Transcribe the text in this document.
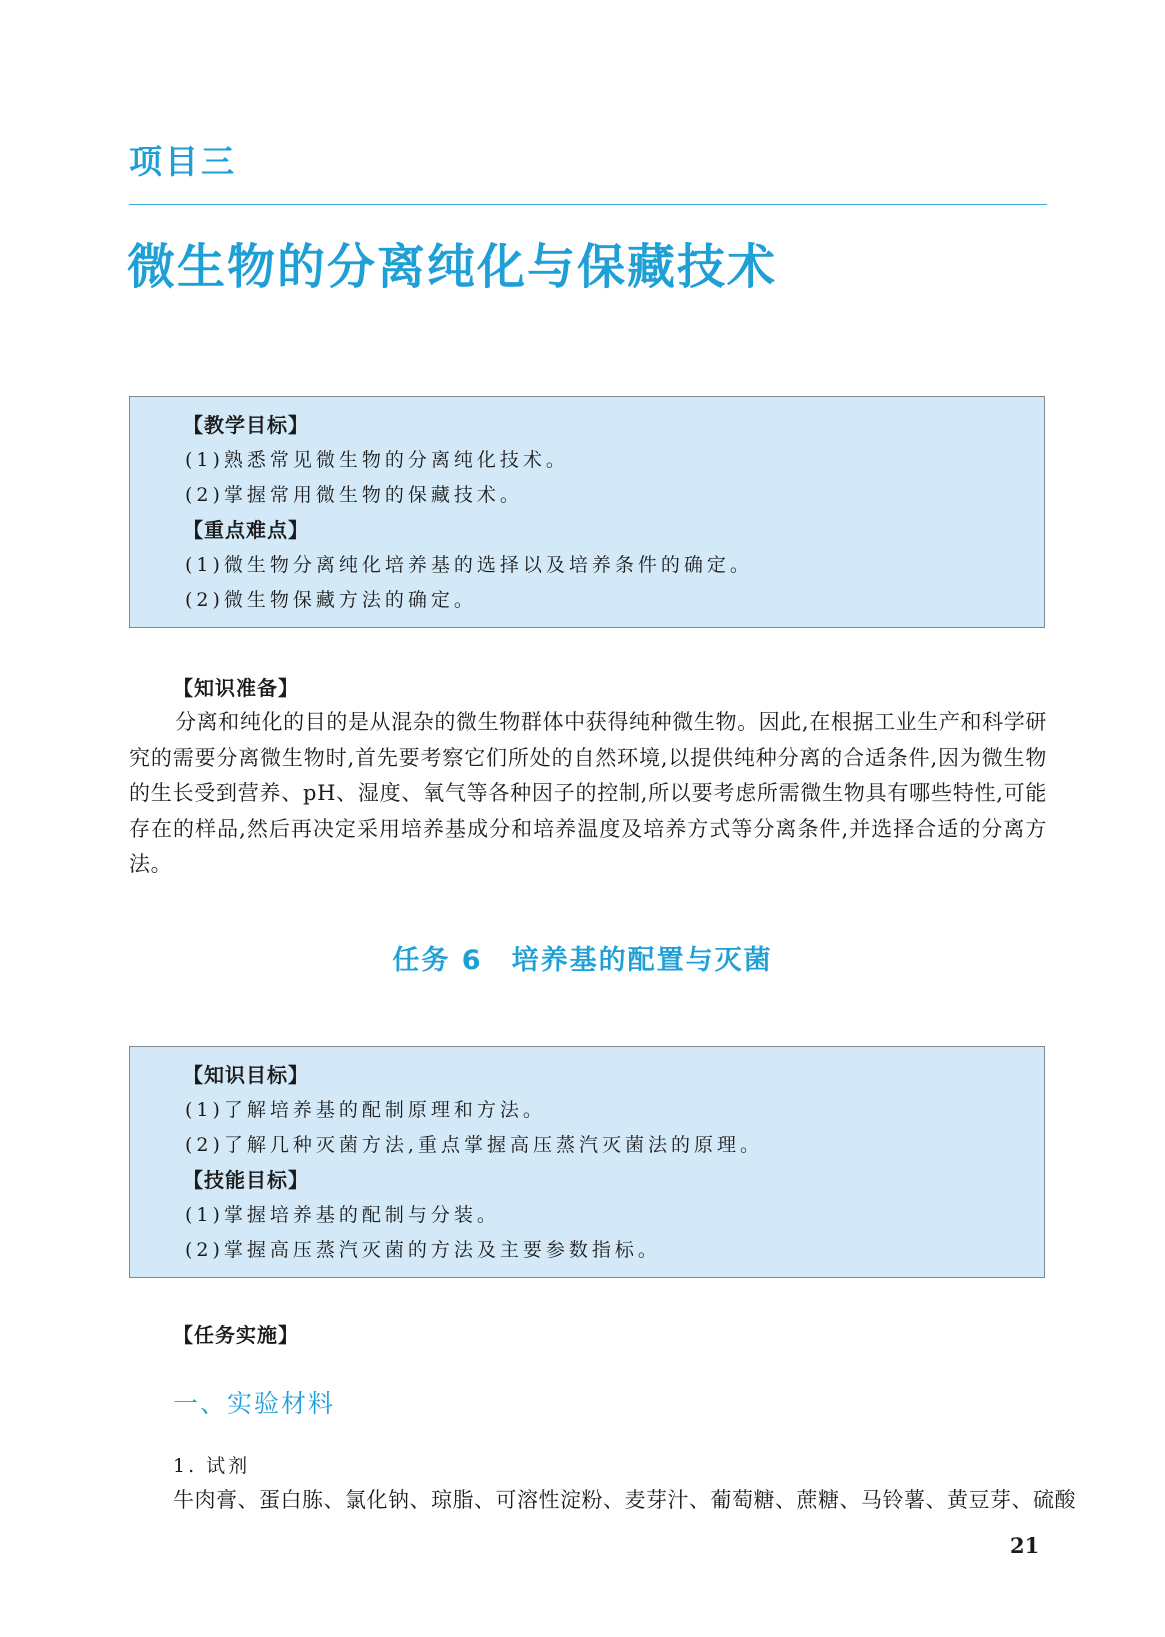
项目三
微生物的分离纯化与保藏技术
【教学目标】
(1)熟悉常见微生物的分离纯化技术。
(2)掌握常用微生物的保藏技术。
【重点难点】
(1)微生物分离纯化培养基的选择以及培养条件的确定。
(2)微生物保藏方法的确定。
【知识准备】

分离和纯化的目的是从混杂的微生物群体中获得纯种微生物。因此,在根据工业生产和科学研究的需要分离微生物时,首先要考察它们所处的自然环境,以提供纯种分离的合适条件,因为微生物的生长受到营养、pH、湿度、氧气等各种因子的控制,所以要考虑所需微生物具有哪些特性,可能存在的样品,然后再决定采用培养基成分和培养温度及培养方式等分离条件,并选择合适的分离方法。

任务 6　培养基的配置与灭菌
【知识目标】
(1)了解培养基的配制原理和方法。
(2)了解几种灭菌方法,重点掌握高压蒸汽灭菌法的原理。
【技能目标】
(1)掌握培养基的配制与分装。
(2)掌握高压蒸汽灭菌的方法及主要参数指标。
【任务实施】
一、实验材料
1. 试剂
牛肉膏、蛋白胨、氯化钠、琼脂、可溶性淀粉、麦芽汁、葡萄糖、蔗糖、马铃薯、黄豆芽、硫酸
21
